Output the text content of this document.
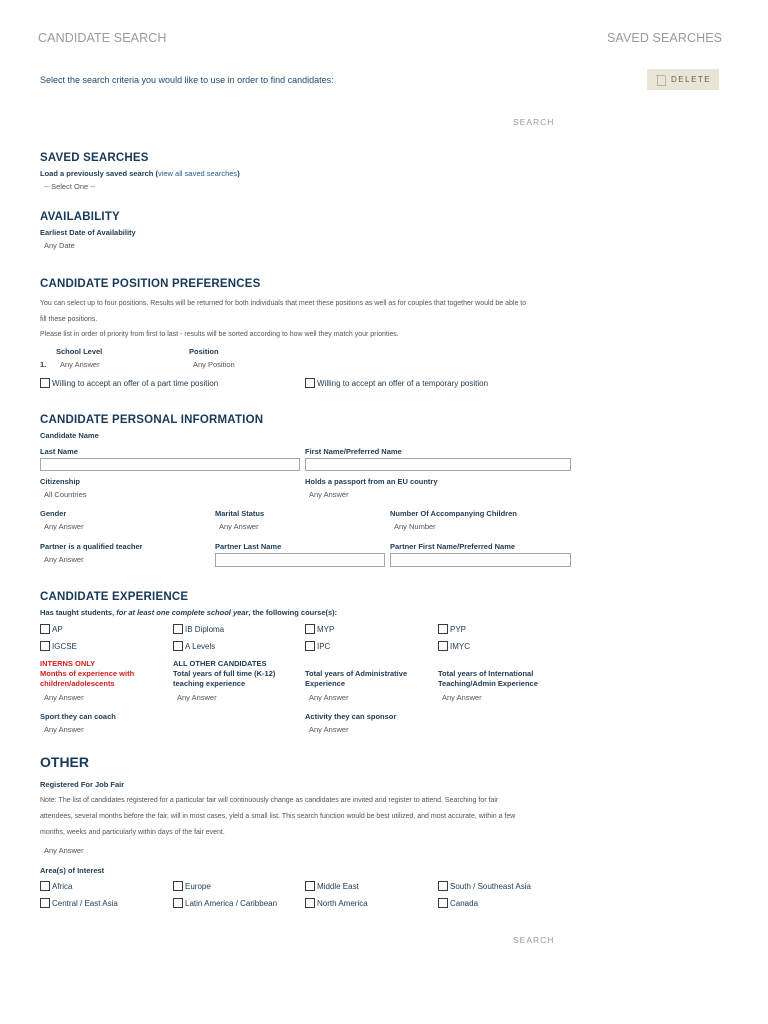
CANDIDATE SEARCH	SAVED SEARCHES
Select the search criteria you would like to use in order to find candidates:	DELETE
SEARCH
SAVED SEARCHES
Load a previously saved search (view all saved searches)
-- Select One --
AVAILABILITY
Earliest Date of Availability
Any Date
CANDIDATE POSITION PREFERENCES
You can select up to four positions. Results will be returned for both individuals that meet these positions as well as for couples that together would be able to
fill these positions.
Please list in order of priority from first to last - results will be sorted according to how well they match your priorities.
School Level	Position
1. Any Answer	Any Position
Willing to accept an offer of a part time position	Willing to accept an offer of a temporary position
CANDIDATE PERSONAL INFORMATION
Candidate Name
Last Name	First Name/Preferred Name
Citizenship
All Countries
Holds a passport from an EU country
Any Answer
Gender
Any Answer
Marital Status
Any Answer
Number Of Accompanying Children
Any Number
Partner is a qualified teacher
Any Answer
Partner Last Name	Partner First Name/Preferred Name
CANDIDATE EXPERIENCE
Has taught students, for at least one complete school year, the following course(s):
AP	IB Diploma	MYP	PYP
IGCSE	A Levels	IPC	IMYC
INTERNS ONLY
Months of experience with children/adolescents
Any Answer
ALL OTHER CANDIDATES
Total years of full time (K-12) teaching experience
Any Answer
Total years of Administrative Experience
Any Answer
Total years of International Teaching/Admin Experience
Any Answer
Sport they can coach
Any Answer
Activity they can sponsor
Any Answer
OTHER
Registered For Job Fair
Note: The list of candidates registered for a particular fair will continuously change as candidates are invited and register to attend. Searching for fair
attendees, several months before the fair, will in most cases, yield a small list. This search function would be best utilized, and most accurate, within a few
months, weeks and particularly within days of the fair event.
Any Answer
Area(s) of Interest
Africa	Europe	Middle East	South / Southeast Asia
Central / East Asia	Latin America / Caribbean	North America	Canada
SEARCH
